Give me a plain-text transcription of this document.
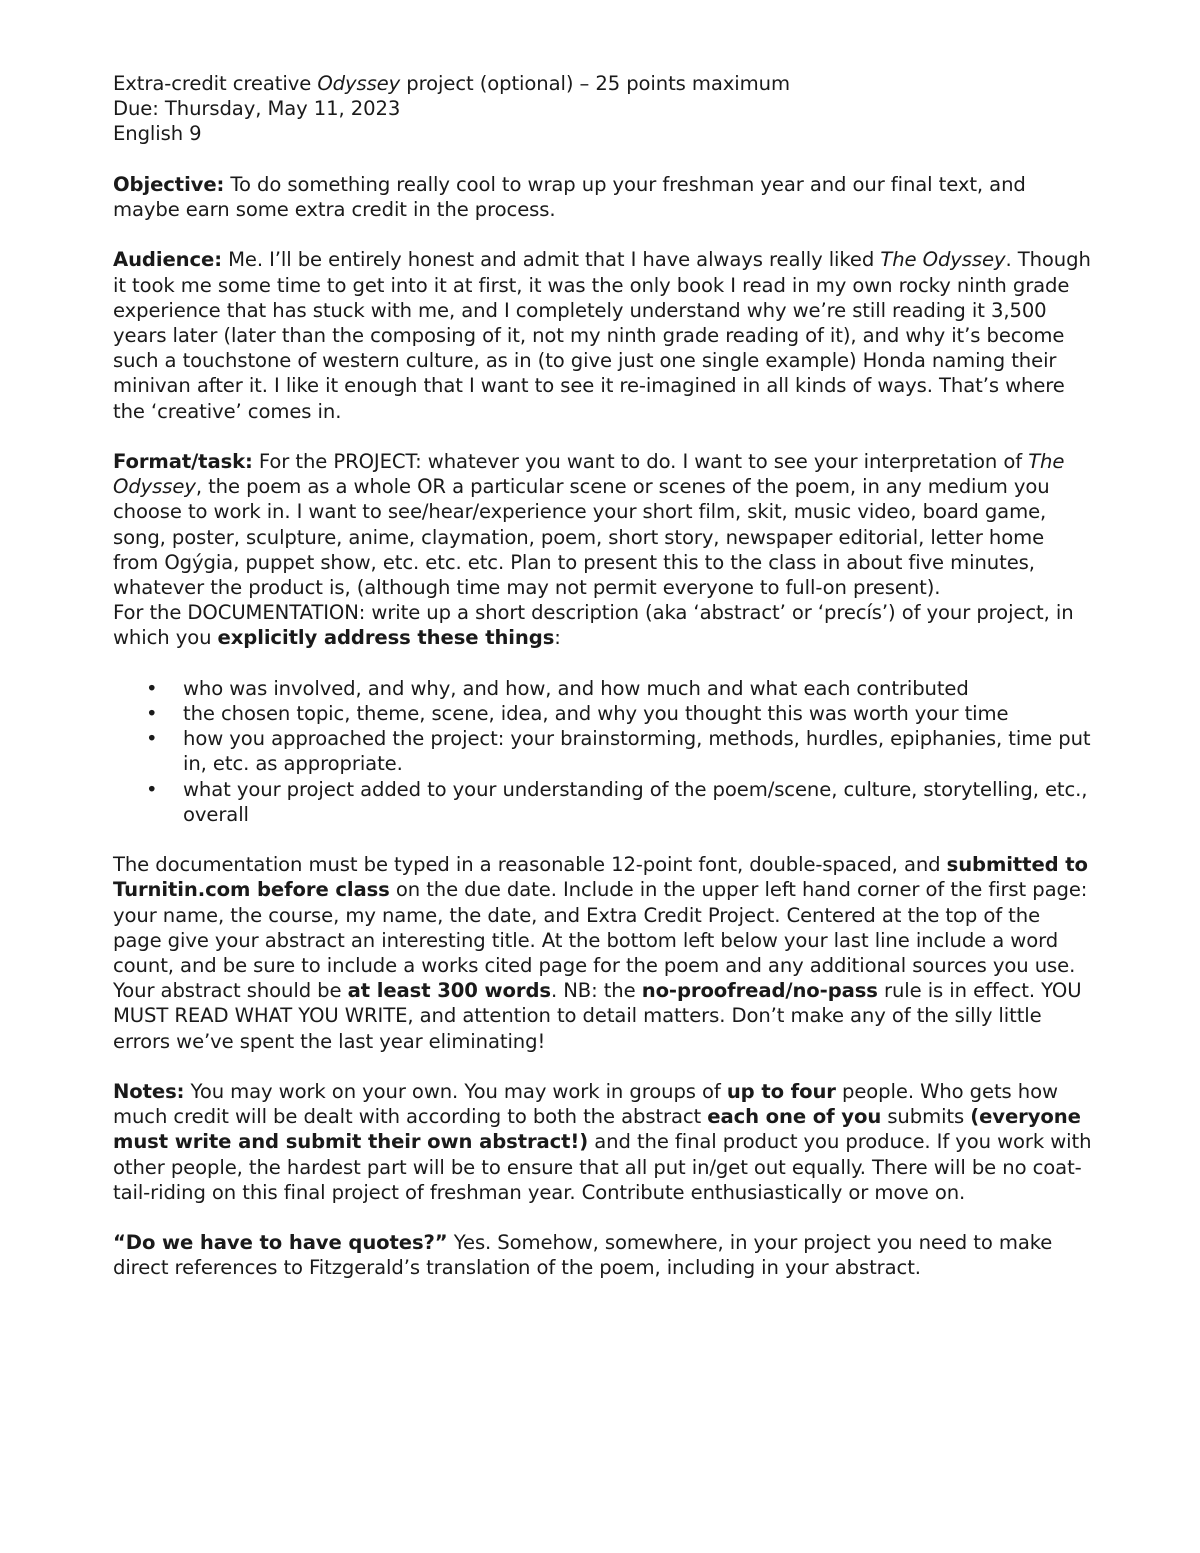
Extra-credit creative Odyssey project (optional) – 25 points maximum

Due: Thursday, May 11, 2023

English 9

Objective: To do something really cool to wrap up your freshman year and our final text, and maybe earn some extra credit in the process.

Audience: Me. I’ll be entirely honest and admit that I have always really liked The Odyssey. Though it took me some time to get into it at first, it was the only book I read in my own rocky ninth grade experience that has stuck with me, and I completely understand why we’re still reading it 3,500 years later (later than the composing of it, not my ninth grade reading of it), and why it’s become such a touchstone of western culture, as in (to give just one single example) Honda naming their minivan after it. I like it enough that I want to see it re-imagined in all kinds of ways. That’s where the ‘creative’ comes in.

Format/task: For the PROJECT: whatever you want to do. I want to see your interpretation of The Odyssey, the poem as a whole OR a particular scene or scenes of the poem, in any medium you choose to work in. I want to see/hear/experience your short film, skit, music video, board game, song, poster, sculpture, anime, claymation, poem, short story, newspaper editorial, letter home from Ogýgia, puppet show, etc. etc. etc. Plan to present this to the class in about five minutes, whatever the product is, (although time may not permit everyone to full-on present).

For the DOCUMENTATION: write up a short description (aka ‘abstract’ or ‘precís’) of your project, in which you explicitly address these things:

• who was involved, and why, and how, and how much and what each contributed
• the chosen topic, theme, scene, idea, and why you thought this was worth your time
• how you approached the project: your brainstorming, methods, hurdles, epiphanies, time put in, etc. as appropriate.
• what your project added to your understanding of the poem/scene, culture, storytelling, etc., overall

The documentation must be typed in a reasonable 12-point font, double-spaced, and submitted to Turnitin.com before class on the due date. Include in the upper left hand corner of the first page: your name, the course, my name, the date, and Extra Credit Project. Centered at the top of the page give your abstract an interesting title. At the bottom left below your last line include a word count, and be sure to include a works cited page for the poem and any additional sources you use. Your abstract should be at least 300 words. NB: the no-proofread/no-pass rule is in effect. YOU MUST READ WHAT YOU WRITE, and attention to detail matters. Don’t make any of the silly little errors we’ve spent the last year eliminating!

Notes: You may work on your own. You may work in groups of up to four people. Who gets how much credit will be dealt with according to both the abstract each one of you submits (everyone must write and submit their own abstract!) and the final product you produce. If you work with other people, the hardest part will be to ensure that all put in/get out equally. There will be no coat-tail-riding on this final project of freshman year. Contribute enthusiastically or move on.

“Do we have to have quotes?” Yes. Somehow, somewhere, in your project you need to make direct references to Fitzgerald’s translation of the poem, including in your abstract.
